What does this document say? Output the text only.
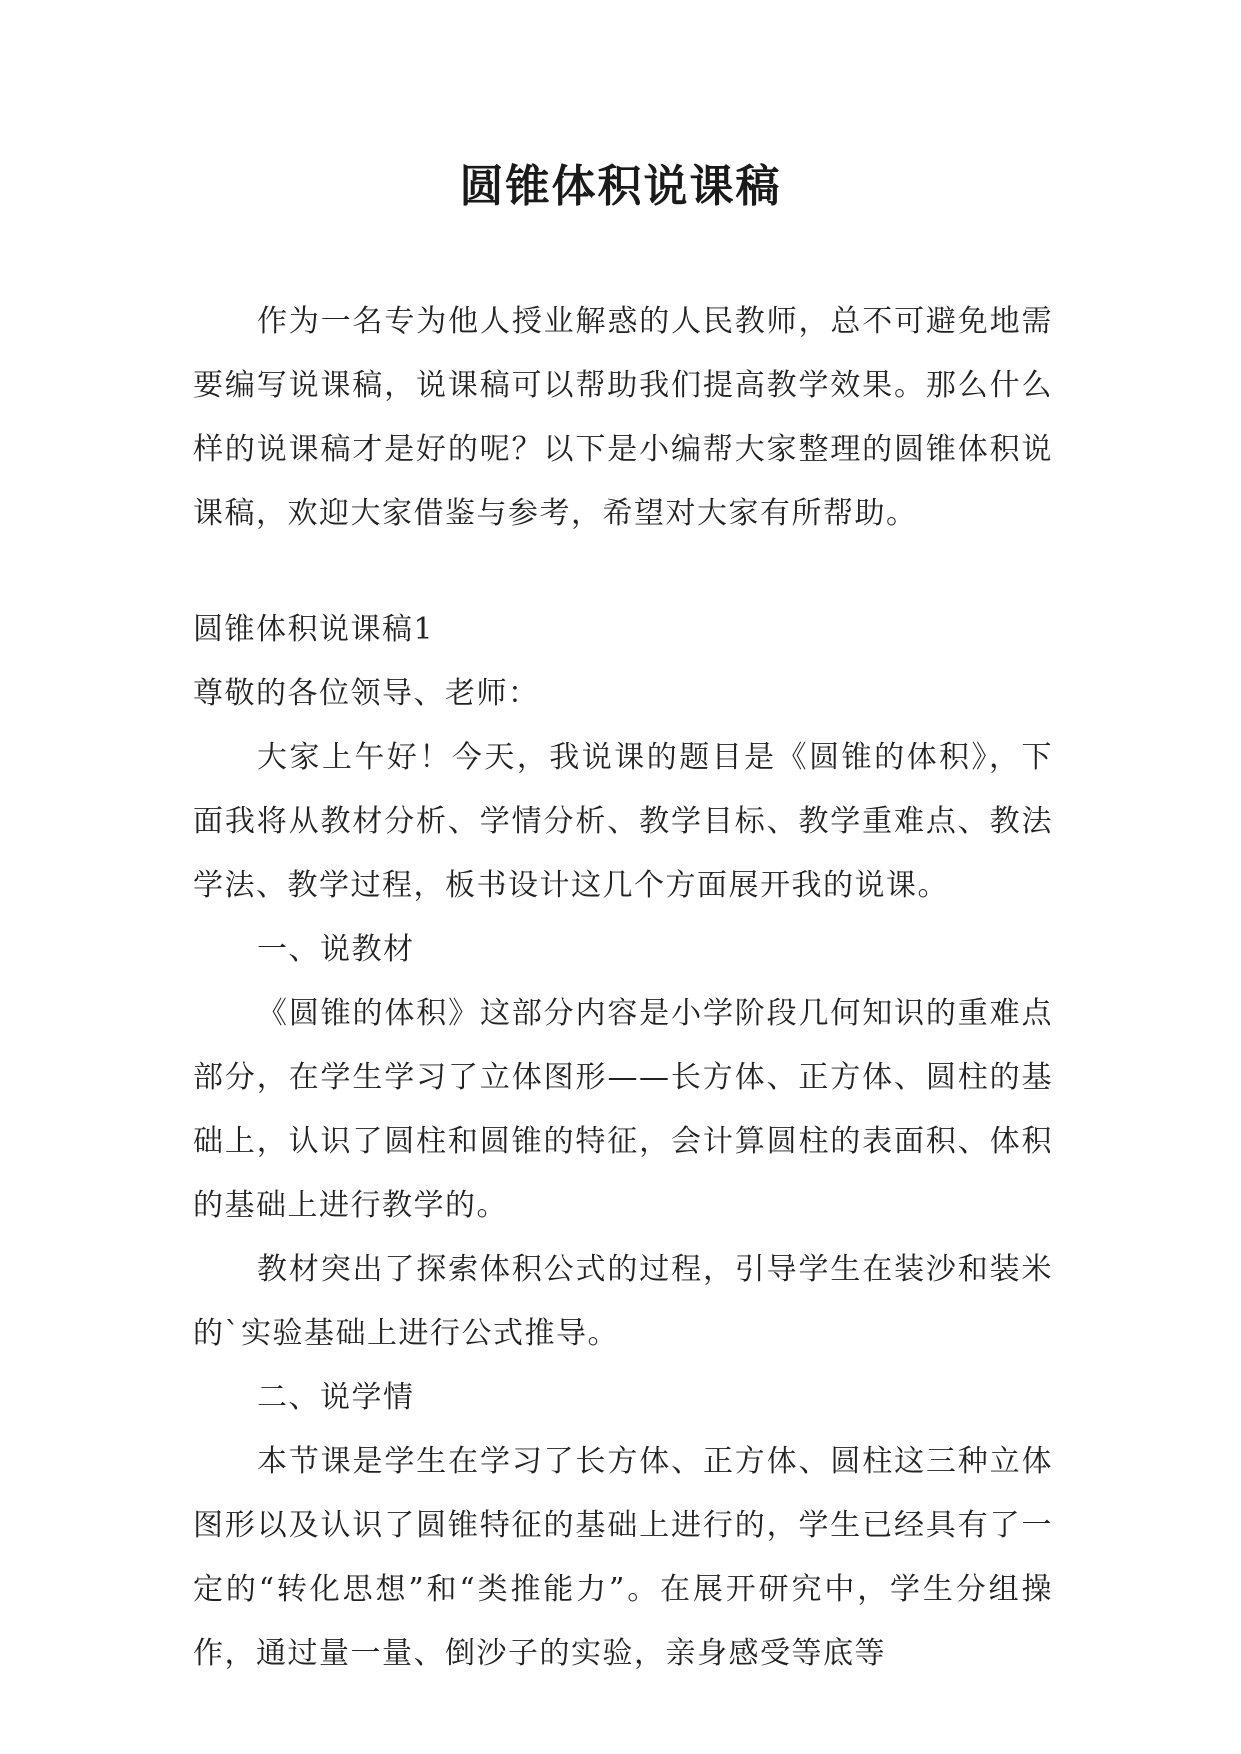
圆锥体积说课稿

作为一名专为他人授业解惑的人民教师，总不可避免地需要编写说课稿，说课稿可以帮助我们提高教学效果。那么什么样的说课稿才是好的呢？以下是小编帮大家整理的圆锥体积说课稿，欢迎大家借鉴与参考，希望对大家有所帮助。

圆锥体积说课稿1

尊敬的各位领导、老师：

大家上午好！今天，我说课的题目是《圆锥的体积》，下面我将从教材分析、学情分析、教学目标、教学重难点、教法学法、教学过程，板书设计这几个方面展开我的说课。

一、说教材

《圆锥的体积》这部分内容是小学阶段几何知识的重难点部分，在学生学习了立体图形——长方体、正方体、圆柱的基础上，认识了圆柱和圆锥的特征，会计算圆柱的表面积、体积的基础上进行教学的。

教材突出了探索体积公式的过程，引导学生在装沙和装米的`实验基础上进行公式推导。

二、说学情

本节课是学生在学习了长方体、正方体、圆柱这三种立体图形以及认识了圆锥特征的基础上进行的，学生已经具有了一定的“转化思想”和“类推能力”。在展开研究中，学生分组操作，通过量一量、倒沙子的实验，亲身感受等底等
